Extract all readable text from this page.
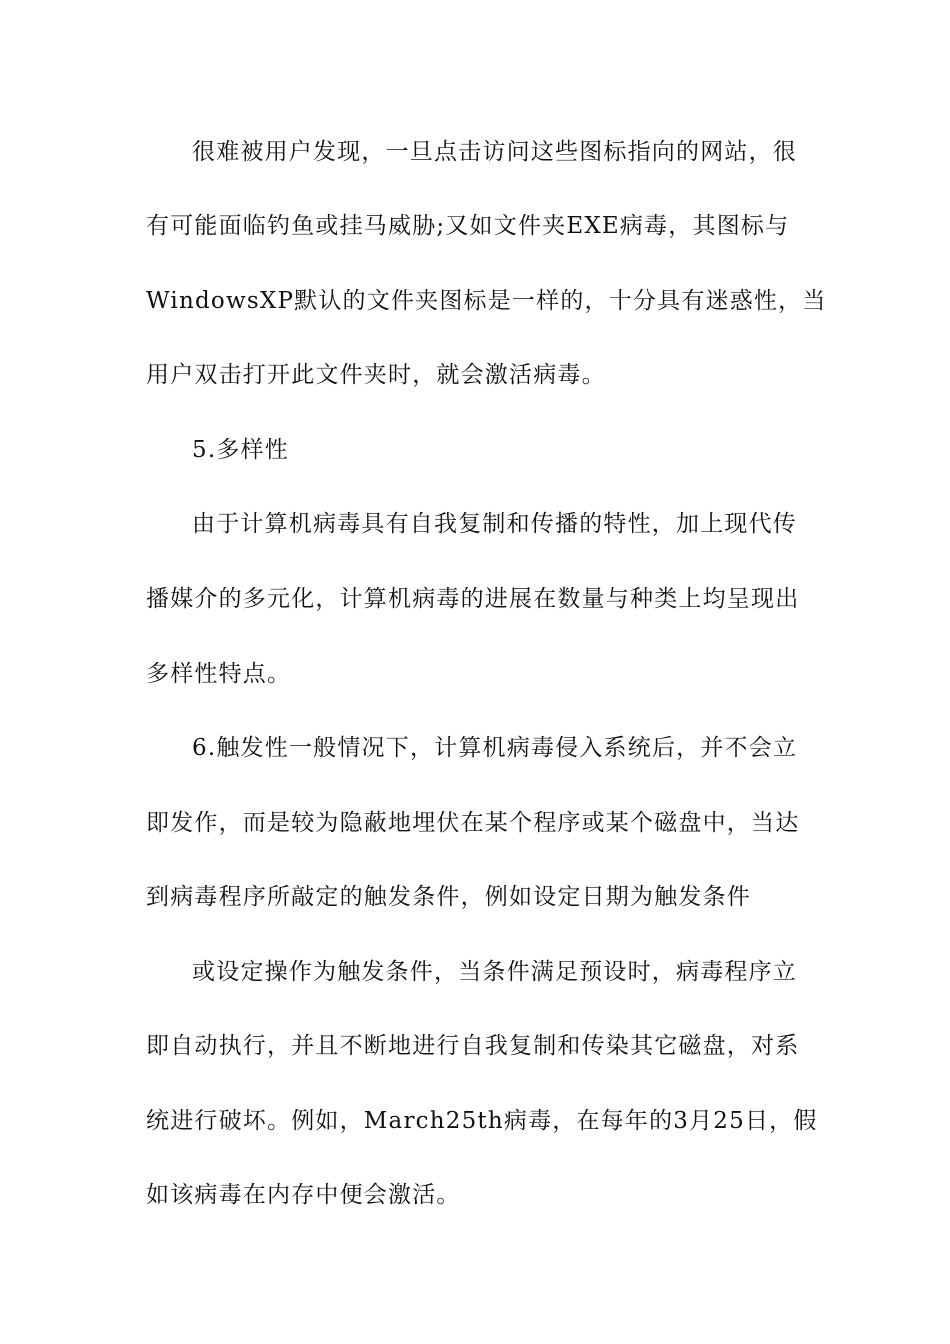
很难被用户发现，一旦点击访问这些图标指向的网站，很
有可能面临钓鱼或挂马威胁;又如文件夹EXE病毒，其图标与
WindowsXP默认的文件夹图标是一样的，十分具有迷惑性，当
用户双击打开此文件夹时，就会激活病毒。
5.多样性
由于计算机病毒具有自我复制和传播的特性，加上现代传
播媒介的多元化，计算机病毒的进展在数量与种类上均呈现出
多样性特点。
6.触发性一般情况下，计算机病毒侵入系统后，并不会立
即发作，而是较为隐蔽地埋伏在某个程序或某个磁盘中，当达
到病毒程序所敲定的触发条件，例如设定日期为触发条件
或设定操作为触发条件，当条件满足预设时，病毒程序立
即自动执行，并且不断地进行自我复制和传染其它磁盘，对系
统进行破坏。例如，March25th病毒，在每年的3月25日，假
如该病毒在内存中便会激活。
